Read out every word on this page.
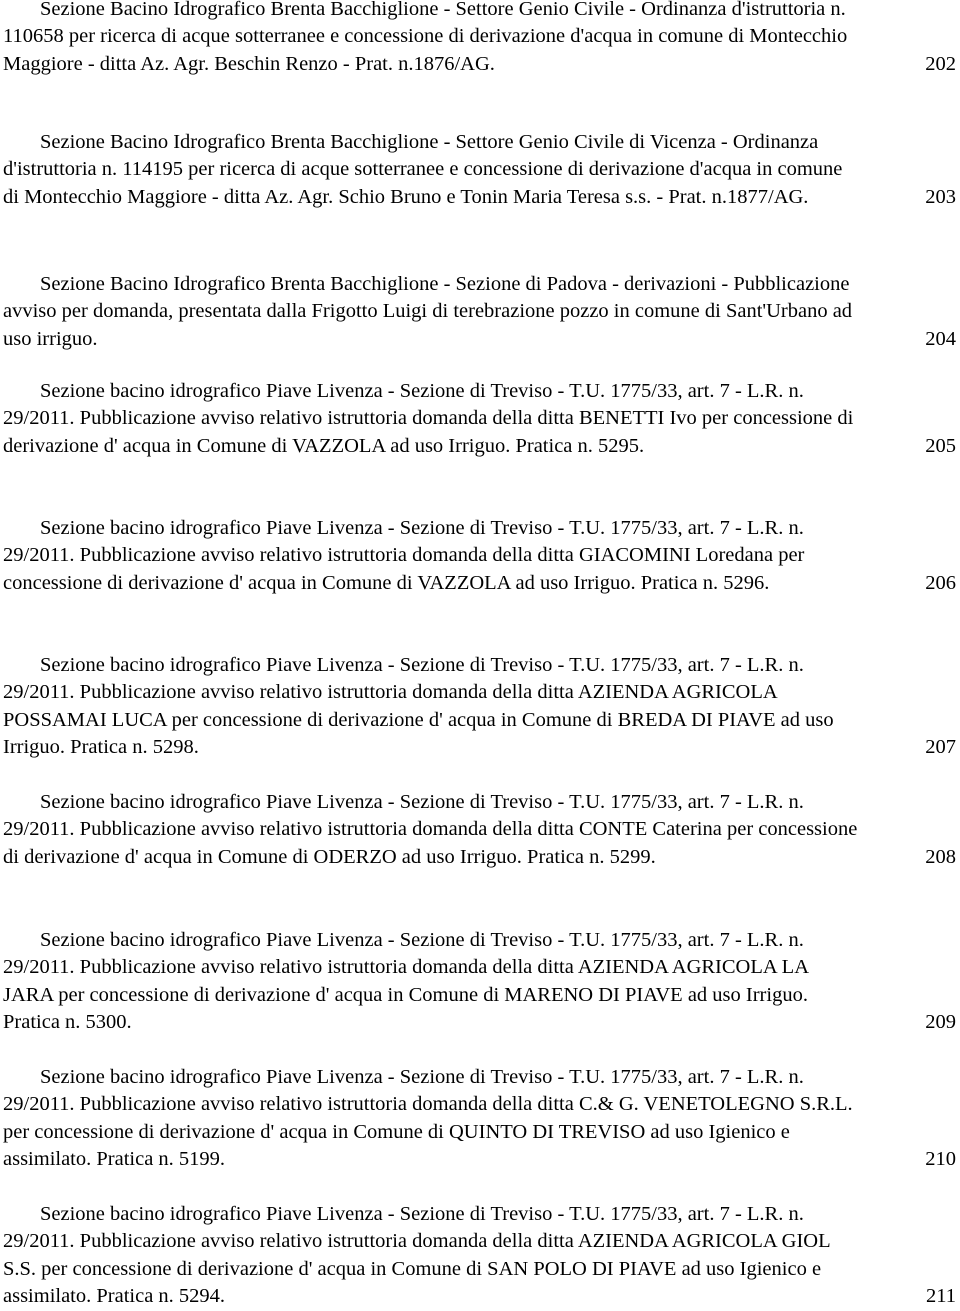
Sezione Bacino Idrografico Brenta Bacchiglione - Settore Genio Civile - Ordinanza d'istruttoria n. 110658 per ricerca di acque sotterranee e concessione di derivazione d'acqua in comune di Montecchio Maggiore - ditta Az. Agr. Beschin Renzo - Prat. n.1876/AG.	202
Sezione Bacino Idrografico Brenta Bacchiglione - Settore Genio Civile di Vicenza - Ordinanza d'istruttoria n. 114195 per ricerca di acque sotterranee e concessione di derivazione d'acqua in comune di Montecchio Maggiore - ditta Az. Agr. Schio Bruno e Tonin Maria Teresa s.s. - Prat. n.1877/AG.	203
Sezione Bacino Idrografico Brenta Bacchiglione - Sezione di Padova - derivazioni - Pubblicazione avviso per domanda, presentata dalla Frigotto Luigi di terebrazione pozzo in comune di Sant'Urbano ad uso irriguo.	204
Sezione bacino idrografico Piave Livenza - Sezione di Treviso - T.U. 1775/33, art. 7 - L.R. n. 29/2011. Pubblicazione avviso relativo istruttoria domanda della ditta BENETTI Ivo per concessione di derivazione d' acqua in Comune di VAZZOLA ad uso Irriguo. Pratica n. 5295.	205
Sezione bacino idrografico Piave Livenza - Sezione di Treviso - T.U. 1775/33, art. 7 - L.R. n. 29/2011. Pubblicazione avviso relativo istruttoria domanda della ditta GIACOMINI Loredana per concessione di derivazione d' acqua in Comune di VAZZOLA ad uso Irriguo. Pratica n. 5296.	206
Sezione bacino idrografico Piave Livenza - Sezione di Treviso - T.U. 1775/33, art. 7 - L.R. n. 29/2011. Pubblicazione avviso relativo istruttoria domanda della ditta AZIENDA AGRICOLA POSSAMAI LUCA per concessione di derivazione d' acqua in Comune di BREDA DI PIAVE ad uso Irriguo. Pratica n. 5298.	207
Sezione bacino idrografico Piave Livenza - Sezione di Treviso - T.U. 1775/33, art. 7 - L.R. n. 29/2011. Pubblicazione avviso relativo istruttoria domanda della ditta CONTE Caterina per concessione di derivazione d' acqua in Comune di ODERZO ad uso Irriguo. Pratica n. 5299.	208
Sezione bacino idrografico Piave Livenza - Sezione di Treviso - T.U. 1775/33, art. 7 - L.R. n. 29/2011. Pubblicazione avviso relativo istruttoria domanda della ditta AZIENDA AGRICOLA LA JARA per concessione di derivazione d' acqua in Comune di MARENO DI PIAVE ad uso Irriguo. Pratica n. 5300.	209
Sezione bacino idrografico Piave Livenza - Sezione di Treviso - T.U. 1775/33, art. 7 - L.R. n. 29/2011. Pubblicazione avviso relativo istruttoria domanda della ditta C.& G. VENETOLEGNO S.R.L. per concessione di derivazione d' acqua in Comune di QUINTO DI TREVISO ad uso Igienico e assimilato. Pratica n. 5199.	210
Sezione bacino idrografico Piave Livenza - Sezione di Treviso - T.U. 1775/33, art. 7 - L.R. n. 29/2011. Pubblicazione avviso relativo istruttoria domanda della ditta AZIENDA AGRICOLA GIOL S.S. per concessione di derivazione d' acqua in Comune di SAN POLO DI PIAVE ad uso Igienico e assimilato. Pratica n. 5294.	211
